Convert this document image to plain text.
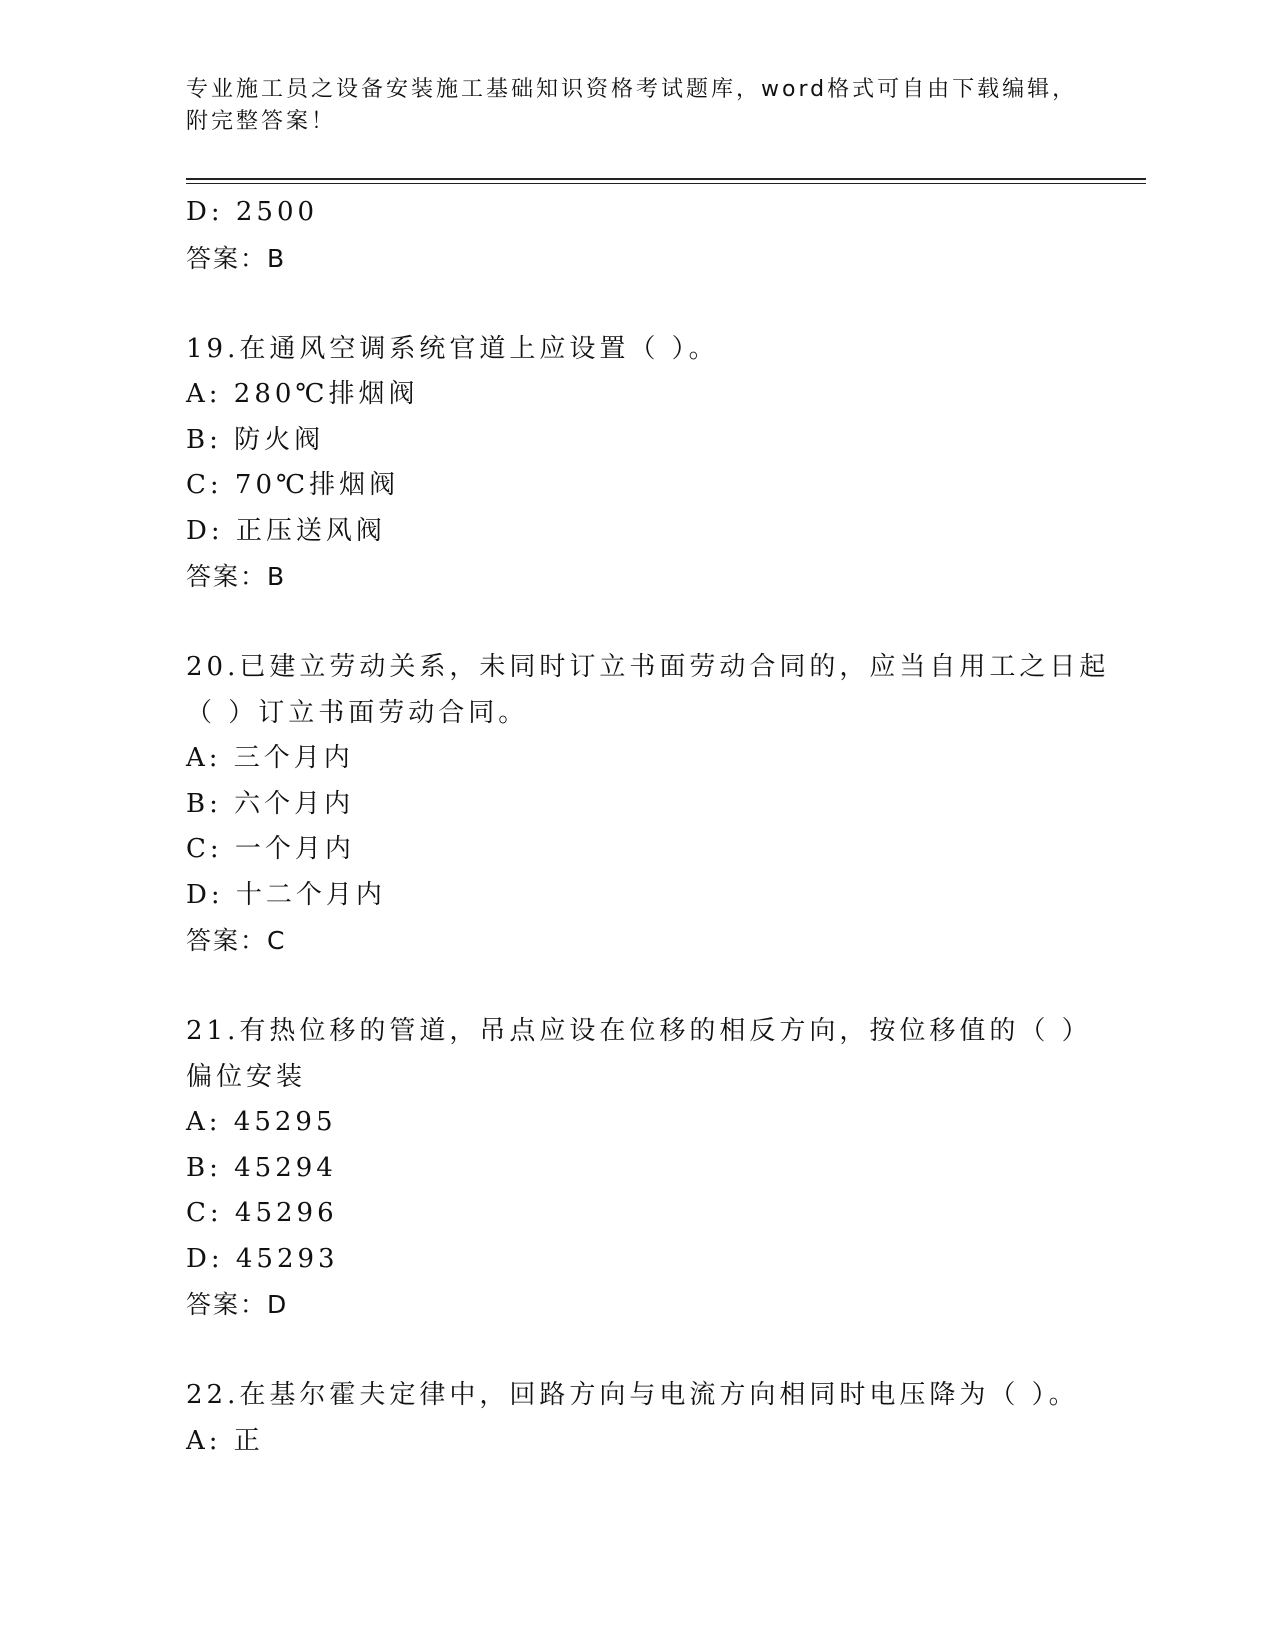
专业施工员之设备安装施工基础知识资格考试题库，word格式可自由下载编辑，
附完整答案！
D: 2500
答案：B
19.在通风空调系统官道上应设置（ ）。
A: 280℃排烟阀
B: 防火阀
C: 70℃排烟阀
D: 正压送风阀
答案：B
20.已建立劳动关系，未同时订立书面劳动合同的，应当自用工之日起
（ ）订立书面劳动合同。
A: 三个月内
B: 六个月内
C: 一个月内
D: 十二个月内
答案：C
21.有热位移的管道，吊点应设在位移的相反方向，按位移值的（ ）
偏位安装
A: 45295
B: 45294
C: 45296
D: 45293
答案：D
22.在基尔霍夫定律中，回路方向与电流方向相同时电压降为（ ）。
A: 正
